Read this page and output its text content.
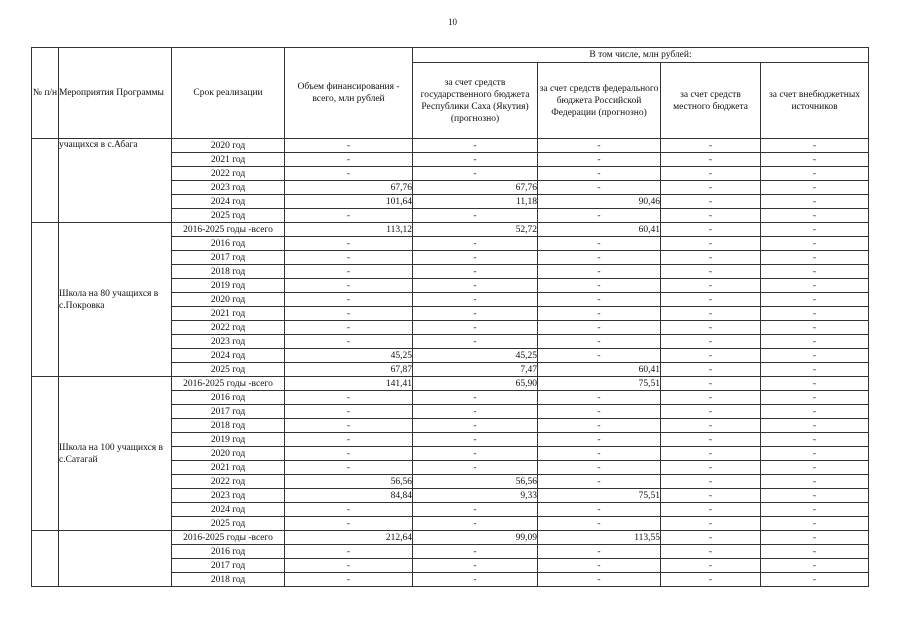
10
№ п/н	Мероприятия Программы	Срок реализации	Объем финансирования - всего, млн рублей	В том числе, млн рублей:			
				за счет средств государственного бюджета Республики Саха (Якутия) (прогнозно)	за счет средств федерального бюджета Российской Федерации (прогнозно)	за счет средств местного бюджета	за счет внебюджетных источников
	учащихся в с.Абага	2020 год	-	-	-	-	-
		2021 год	-	-	-	-	-
		2022 год	-	-	-	-	-
		2023 год	67,76	67,76	-	-	-
		2024 год	101,64	11,18	90,46	-	-
		2025 год	-	-	-	-	-
	Школа на 80 учащихся в с.Покровка	2016-2025 годы -всего	113,12	52,72	60,41	-	-
		2016 год	-	-	-	-	-
		2017 год	-	-	-	-	-
		2018 год	-	-	-	-	-
		2019 год	-	-	-	-	-
		2020 год	-	-	-	-	-
		2021 год	-	-	-	-	-
		2022 год	-	-	-	-	-
		2023 год	-	-	-	-	-
		2024 год	45,25	45,25	-	-	-
		2025 год	67,87	7,47	60,41	-	-
	Школа на 100 учащихся в с.Сатагай	2016-2025 годы -всего	141,41	65,90	75,51	-	-
		2016 год	-	-	-	-	-
		2017 год	-	-	-	-	-
		2018 год	-	-	-	-	-
		2019 год	-	-	-	-	-
		2020 год	-	-	-	-	-
		2021 год	-	-	-	-	-
		2022 год	56,56	56,56	-	-	-
		2023 год	84,84	9,33	75,51	-	-
		2024 год	-	-	-	-	-
		2025 год	-	-	-	-	-
		2016-2025 годы -всего	212,64	99,09	113,55	-	-
		2016 год	-	-	-	-	-
		2017 год	-	-	-	-	-
		2018 год	-	-	-	-	-
